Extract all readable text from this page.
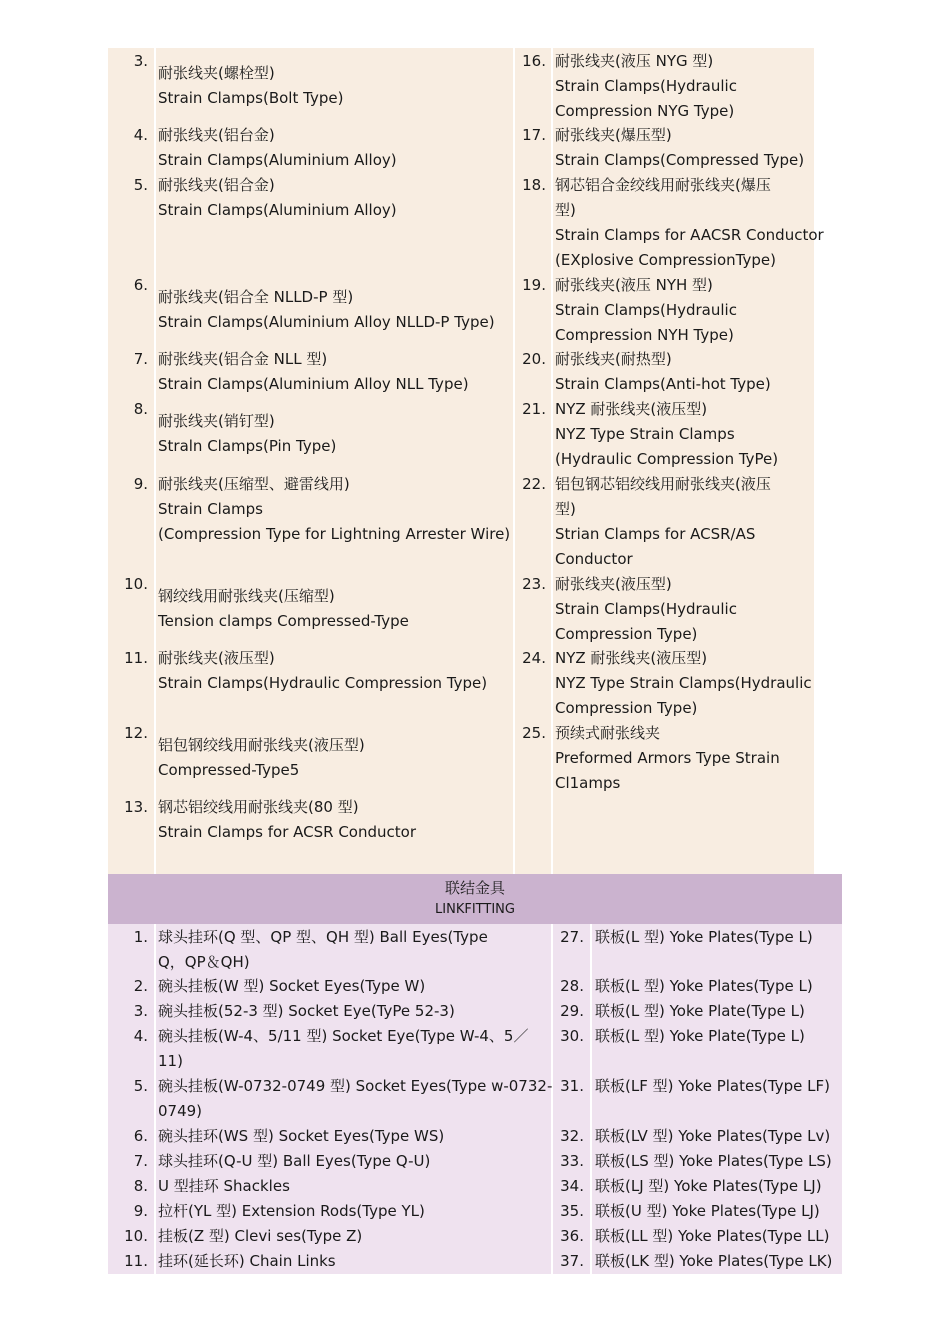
联结金具
LINKFITTING
3.
耐张线夹(螺栓型)
Strain Clamps(Bolt Type)
4. 耐张线夹(铝台金)
Strain Clamps(Aluminium Alloy)
5. 耐张线夹(铝合金)
Strain Clamps(Aluminium Alloy)
6.
耐张线夹(铝合全 NLLD-P 型)
Strain Clamps(Aluminium Alloy NLLD-P Type)
7. 耐张线夹(铝合金 NLL 型)
Strain Clamps(Aluminium Alloy NLL Type)
8.
耐张线夹(销钉型)
Straln Clamps(Pin Type)
9. 耐张线夹(压缩型、避雷线用)
Strain Clamps
(Compression Type for Lightning Arrester Wire)
10.
钢绞线用耐张线夹(压缩型)
Tension clamps Compressed-Type
11. 耐张线夹(液压型)
Strain Clamps(Hydraulic Compression Type)
12.
铝包钢绞线用耐张线夹(液压型)
Compressed-Type5
13. 钢芯铝绞线用耐张线夹(80 型)
Strain Clamps for ACSR Conductor
16. 耐张线夹(液压 NYG 型)
Strain Clamps(Hydraulic
Compression NYG Type)
17. 耐张线夹(爆压型)
Strain Clamps(Compressed Type)
18. 钢芯铝合金绞线用耐张线夹(爆压
型)
Strain Clamps for AACSR Conductor
(EXplosive CompressionType)
19. 耐张线夹(液压 NYH 型)
Strain Clamps(Hydraulic
Compression NYH Type)
20. 耐张线夹(耐热型)
Strain Clamps(Anti-hot Type)
21. NYZ 耐张线夹(液压型)
NYZ Type Strain Clamps
(Hydraulic Compression TyPe)
22. 铝包钢芯铝绞线用耐张线夹(液压
型)
Strian Clamps for ACSR/AS
Conductor
23. 耐张线夹(液压型)
Strain Clamps(Hydraulic
Compression Type)
24. NYZ 耐张线夹(液压型)
NYZ Type Strain Clamps(Hydraulic
Compression Type)
25. 预续式耐张线夹
Preformed Armors Type Strain
Cl1amps
1. 球头挂环(Q 型、QP 型、QH 型) Ball Eyes(Type
Q，QP＆QH)
2. 碗头挂板(W 型) Socket Eyes(Type W)
3. 碗头挂板(52-3 型) Socket Eye(TyPe 52-3)
4. 碗头挂板(W-4、5/11 型) Socket Eye(Type W-4、5／
11)
5. 碗头挂板(W-0732-0749 型) Socket Eyes(Type w-0732-
0749)
6. 碗头挂环(WS 型) Socket Eyes(Type WS)
7. 球头挂环(Q-U 型) Ball Eyes(Type Q-U)
8. U 型挂环 Shackles
9. 拉杆(YL 型) Extension Rods(Type YL)
10. 挂板(Z 型) Clevi ses(Type Z)
11. 挂环(延长环) Chain Links
27. 联板(L 型) Yoke Plates(Type L)
28. 联板(L 型) Yoke Plates(Type L)
29. 联板(L 型) Yoke Plate(Type L)
30. 联板(L 型) Yoke Plate(Type L)
31. 联板(LF 型) Yoke Plates(Type LF)
32. 联板(LV 型) Yoke Plates(Type Lv)
33. 联板(LS 型) Yoke Plates(Type LS)
34. 联板(LJ 型) Yoke Plates(Type LJ)
35. 联板(U 型) Yoke Plates(Type LJ)
36. 联板(LL 型) Yoke Plates(Type LL)
37. 联板(LK 型) Yoke Plates(Type LK)
